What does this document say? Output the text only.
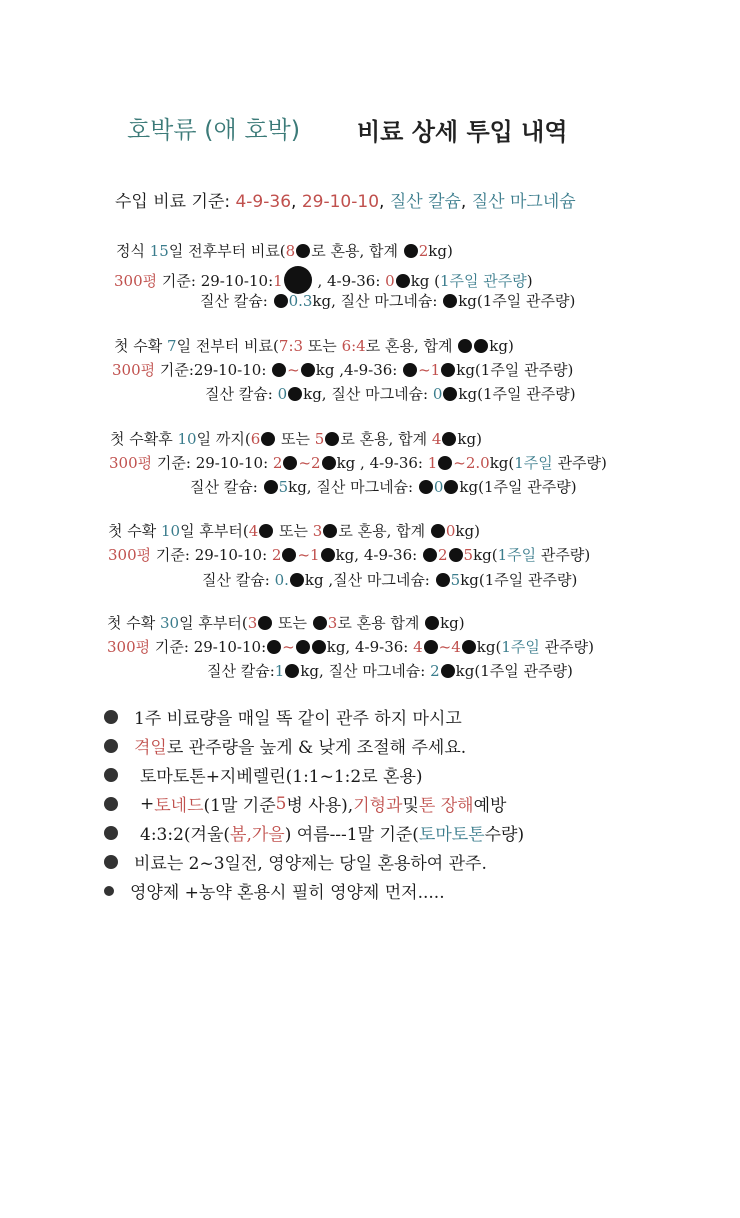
호박류 (애 호박) 비료 상세 투입 내역
수입 비료 기준: 4-9-36, 29-10-10, 질산 칼슘, 질산 마그네슘
정식 15일 전후부터 비료(8 로 혼용, 합계 2kg)
300평 기준: 29-10-10:1 , 4-9-36: 0 kg (1주일 관주량)
질산 칼슘: 0.3kg, 질산 마그네슘: kg(1주일 관주량)
첫 수확 7일 전부터 비료(7:3 또는 6:4로 혼용, 합계 kg)
300평 기준:29-10-10: ~ kg ,4-9-36: ~1 kg(1주일 관주량)
질산 칼슘: 0 kg, 질산 마그네슘: 0 kg(1주일 관주량)
첫 수확후 10일 까지(6 또는 5 로 혼용, 합계 4 kg)
300평 기준: 29-10-10: 2 ~2 kg , 4-9-36: 1 ~2.0kg(1주일 관주량)
질산 칼슘: 5kg, 질산 마그네슘: 0 kg(1주일 관주량)
첫 수확 10일 후부터(4 또는 3 로 혼용, 합계 0kg)
300평 기준: 29-10-10: 2 ~1 kg, 4-9-36: 2 5kg(1주일 관주량)
질산 칼슘: 0. kg ,질산 마그네슘: 5kg(1주일 관주량)
첫 수확 30일 후부터(3 또는 3로 혼용 합계 kg)
300평 기준: 29-10-10: ~ kg, 4-9-36: 4 ~4 kg(1주일 관주량)
질산 칼슘:1 kg, 질산 마그네슘: 2 kg(1주일 관주량)
1주 비료량을 매일 똑 같이 관주 하지 마시고
격일 로 관주량을 높게 & 낮게 조절해 주세요.
토마토톤+지베렐린(1:1~1:2로 혼용)
+ 토네드 (1말 기준 5 병 사용), 기형과 및 톤 장해 예방
4:3:2(겨울( 봄,가을 ) 여름---1말 기준( 토마토톤 수량)
비료는 2~3일전, 영양제는 당일 혼용하여 관주.
영양제 +농약 혼용시 필히 영양제 먼저.....
